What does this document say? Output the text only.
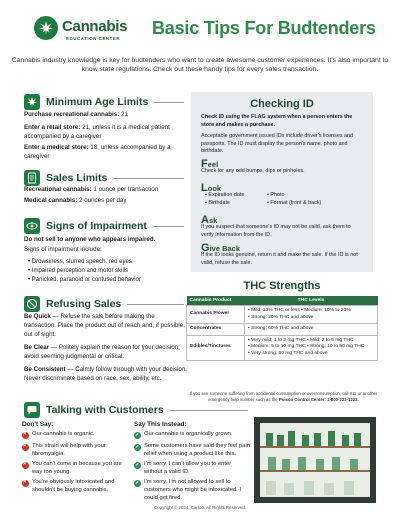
Cannabis
EDUCATION CENTER
Basic Tips For Budtenders
Cannabis industry knowledge is key for budtenders who want to create awesome customer experiences. It's also important to know state regulations. Check out these handy tips for every sales transaction.
Minimum Age Limits
Purchase recreational cannabis: 21
Enter a retail store: 21, unless it is a medical patient accompanied by a caregiver
Enter a medical store: 18, unless accompanied by a caregiver
Sales Limits
Recreational cannabis: 1 ounce per transaction
Medical cannabis: 2 ounces per day
Signs of Impairment
Do not sell to anyone who appears impaired.
Signs of impairment include:
• Drowsiness, slurred speech, red eyes
• Impaired perception and motor skills
• Panicked, paranoid or confused behavior
Refusing Sales
Be Quick — Refuse the sale before making the transaction. Place the product out of reach and, if possible, out of sight.
Be Clear — Politely explain the reason for your decision; avoid seeming judgmental or critical.
Be Consistent — Calmly follow through with your decision. Never discriminate based on race, sex, ability, etc.
Checking ID
Check ID using the FLAG system when a person enters the store and makes a purchase.
Acceptable government issued IDs include driver's licenses and passports. The ID must display the person's name, photo and birthdate.
Feel
Check for any odd bumps, dips or pinholes.
Look
• Expiration date
• Birthdate
• Photo
• Format (front & back)
Ask
If you suspect that someone's ID may not be valid, ask them to verify information from the ID.
Give Back
If the ID looks genuine, return it and make the sale. If the ID is not valid, refuse the sale.
THC Strengths
Cannabis Product	THC Levels
Cannabis Flower	• Mild: 10% THC or less • Medium: 10% to 20%
• Strong: 20% THC and above

Concentrates	• Strong: 60% THC and above

Edibles/Tinctures	• Very mild: 1 to 2 mg THC • Mild: 2 to 5 mg THC
• Medium: 5 to 10 mg THC • Strong: 10 to 50 mg THC
• Very strong: 50 mg THC and above
If you see someone suffering from accidental consumption or overconsumption, call 911 or another emergency help number such as the Poison Control Center: 1-800-222-1222.
Talking with Customers
Don't Say:	Say This Instead:
×
Our cannabis is organic.
×
This strain will help with your fibromyalgia.
×
You can't come in because you are way too young.
×
You're obviously intoxicated and shouldn't be buying cannabis.
✓
Our cannabis is organically grown.
✓
Some customers have said they feel pain relief when using a product like this.
✓
I'm sorry, I can't allow you to enter without a valid ID.
✓
I'm sorry, I'm not allowed to sell to customers who might be intoxicated. I could get fired.
Copyright © 2024, Cartoo. All Rights Reserved.
